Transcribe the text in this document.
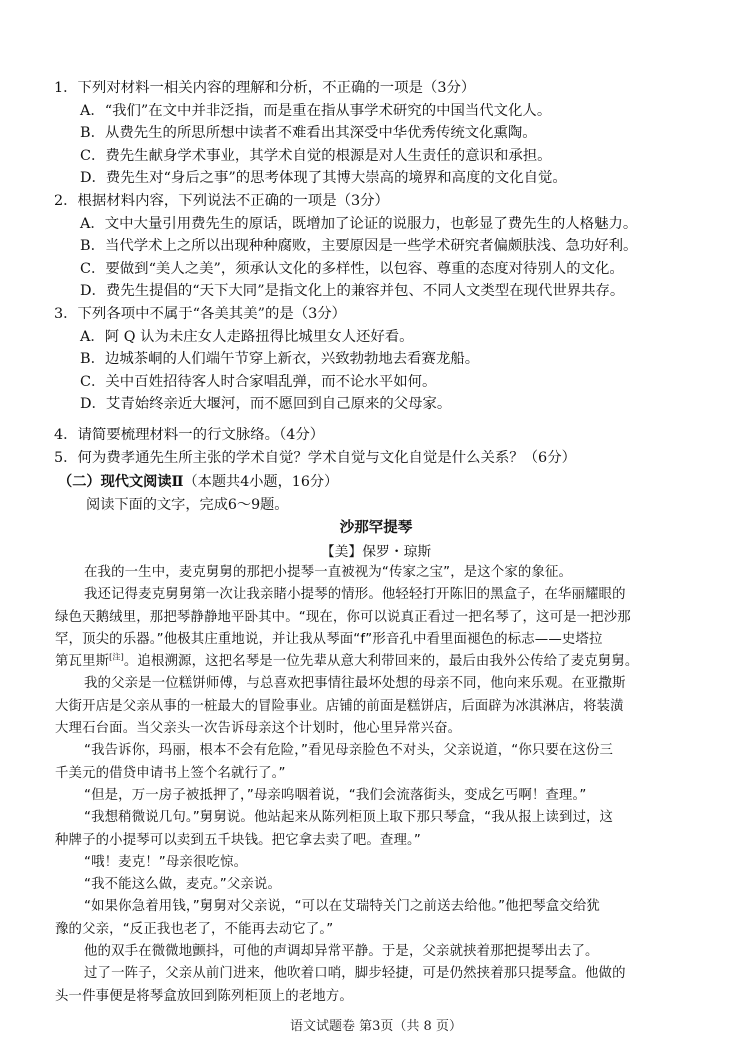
1．下列对材料一相关内容的理解和分析，不正确的一项是（3分）
A．“我们”在文中并非泛指，而是重在指从事学术研究的中国当代文化人。
B．从费先生的所思所想中读者不难看出其深受中华优秀传统文化熏陶。
C．费先生献身学术事业，其学术自觉的根源是对人生责任的意识和承担。
D．费先生对“身后之事”的思考体现了其博大崇高的境界和高度的文化自觉。
2．根据材料内容，下列说法不正确的一项是（3分）
A．文中大量引用费先生的原话，既增加了论证的说服力，也彰显了费先生的人格魅力。
B．当代学术上之所以出现种种腐败，主要原因是一些学术研究者偏颇肤浅、急功好利。
C．要做到“美人之美”，须承认文化的多样性，以包容、尊重的态度对待别人的文化。
D．费先生提倡的“天下大同”是指文化上的兼容并包、不同人文类型在现代世界共存。
3．下列各项中不属于“各美其美”的是（3分）
A．阿 Q 认为未庄女人走路扭得比城里女人还好看。
B．边城茶峒的人们端午节穿上新衣，兴致勃勃地去看赛龙船。
C．关中百姓招待客人时合家唱乱弹，而不论水平如何。
D．艾青始终亲近大堰河，而不愿回到自己原来的父母家。
4．请简要梳理材料一的行文脉络。（4分）
5．何为费孝通先生所主张的学术自觉？学术自觉与文化自觉是什么关系？（6分）
（二）现代文阅读Ⅱ（本题共4小题，16分）
阅读下面的文字，完成6～9题。
沙那罕提琴
【美】保罗・琼斯
在我的一生中，麦克舅舅的那把小提琴一直被视为“传家之宝”，是这个家的象征。
我还记得麦克舅舅第一次让我亲睹小提琴的情形。他轻轻打开陈旧的黑盒子，在华丽耀眼的
绿色天鹅绒里，那把琴静静地平卧其中。“现在，你可以说真正看过一把名琴了，这可是一把沙那
罕，顶尖的乐器。”他极其庄重地说，并让我从琴面“f”形音孔中看里面褪色的标志——史塔拉
第瓦里斯[注]。追根溯源，这把名琴是一位先辈从意大利带回来的，最后由我外公传给了麦克舅舅。
我的父亲是一位糕饼师傅，与总喜欢把事情往最坏处想的母亲不同，他向来乐观。在亚撒斯
大街开店是父亲从事的一桩最大的冒险事业。店铺的前面是糕饼店，后面辟为冰淇淋店，将装潢
大理石台面。当父亲头一次告诉母亲这个计划时，他心里异常兴奋。
“我告诉你，玛丽，根本不会有危险，”看见母亲脸色不对头，父亲说道，“你只要在这份三
千美元的借贷申请书上签个名就行了。”
“但是，万一房子被抵押了，”母亲呜咽着说，“我们会流落街头，变成乞丐啊！查理。”
“我想稍微说几句。”舅舅说。他站起来从陈列柜顶上取下那只琴盒，“我从报上读到过，这
种牌子的小提琴可以卖到五千块钱。把它拿去卖了吧。查理。”
“哦！麦克！”母亲很吃惊。
“我不能这么做，麦克。”父亲说。
“如果你急着用钱，”舅舅对父亲说，“可以在艾瑞特关门之前送去给他。”他把琴盒交给犹
豫的父亲，“反正我也老了，不能再去动它了。”
他的双手在微微地颤抖，可他的声调却异常平静。于是，父亲就挟着那把提琴出去了。
过了一阵子，父亲从前门进来，他吹着口哨，脚步轻捷，可是仍然挟着那只提琴盒。他做的
头一件事便是将琴盒放回到陈列柜顶上的老地方。
语文试题卷 第3页（共 8 页）
